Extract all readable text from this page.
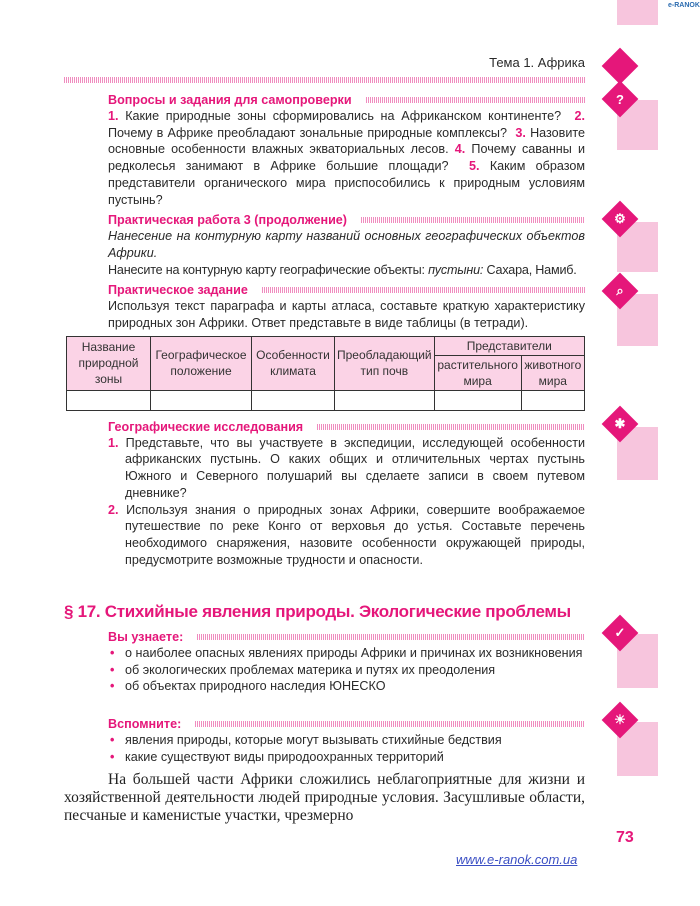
e-RANOK
?
⚙
⌕
✱
✓
☀
Тема 1. Африка
Вопросы и задания для самопроверки
1. Какие природные зоны сформировались на Африканском континенте? 2. Почему в Африке преобладают зональные природные комплексы? 3. Назовите основные особенности влажных экваториальных лесов. 4. Почему саванны и редколесья занимают в Африке большие площади? 5. Каким образом представители органического мира приспособились к природным условиям пустынь?
Практическая работа 3 (продолжение)
Нанесение на контурную карту названий основных географических объектов Африки.
Нанесите на контурную карту географические объекты: пустыни: Сахара, Намиб.
Практическое задание
Используя текст параграфа и карты атласа, составьте краткую характеристику природных зон Африки. Ответ представьте в виде таблицы (в тетради).
Название природной зоны	Географическое положение	Особенности климата	Преобладающий тип почв	Представители	
				растительного мира	животного мира

Географические исследования
1. Представьте, что вы участвуете в экспедиции, исследующей особенности африканских пустынь. О каких общих и отличительных чертах пустынь Южного и Северного полушарий вы сделаете записи в своем путевом дневнике?
2. Используя знания о природных зонах Африки, совершите воображаемое путешествие по реке Конго от верховья до устья. Составьте перечень необходимого снаряжения, назовите особенности окружающей природы, предусмотрите возможные трудности и опасности.
§ 17. Стихийные явления природы. Экологические проблемы
Вы узнаете:
• о наиболее опасных явлениях природы Африки и причинах их возникновения
• об экологических проблемах материка и путях их преодоления
• об объектах природного наследия ЮНЕСКО
Вспомните:
• явления природы, которые могут вызывать стихийные бедствия
• какие существуют виды природоохранных территорий
На большей части Африки сложились неблагоприятные для жизни и хозяйственной деятельности людей природные условия. Засушливые области, песчаные и каменистые участки, чрезмерно
73
www.e-ranok.com.ua
